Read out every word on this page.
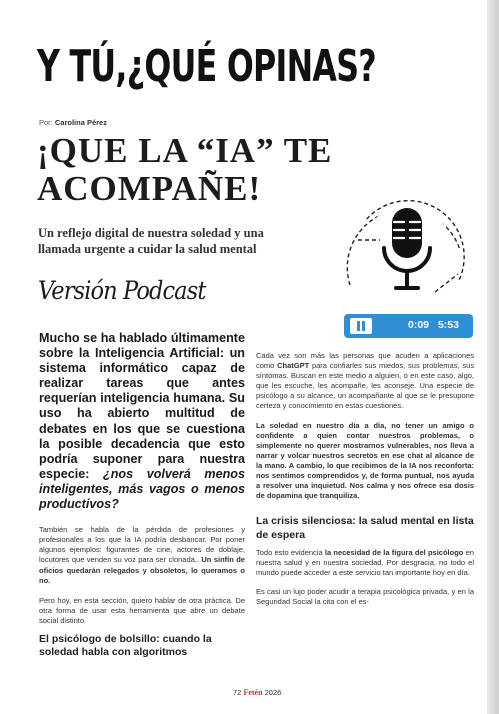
Y TÚ,¿QUÉ OPINAS?
Por: Carolina Pérez
¡QUE LA “IA” TE
ACOMPAÑE!
Un reflejo digital de nuestra soledad y una
llamada urgente a cuidar la salud mental
Versión Podcast
0:09 5:53

Mucho se ha hablado últimamente sobre la Inteligencia Artificial: un sistema informático capaz de realizar tareas que antes requerían inteligencia humana. Su uso ha abierto multitud de debates en los que se cuestiona la posible decadencia que esto podría suponer para nuestra especie: ¿nos volverá menos inteligentes, más vagos o menos productivos?

También se habla de la pérdida de profesiones y profesionales a los que la IA podría desbancar. Por poner algunos ejemplos: figurantes de cine, actores de doblaje, locutores que venden su voz para ser clonada.. Un sinfín de oficios quedarán relegados y obsoletos, lo queramos o no.

Pero hoy, en esta sección, quiero hablar de otra práctica. De otra forma de usar esta herramienta que abre un debate social distinto.

El psicólogo de bolsillo: cuando la soledad habla con algoritmos

Cada vez son más las personas que acuden a aplicaciones como ChatGPT para confiarles sus miedos, sus problemas, sus síntomas. Buscan en este medio a alguien, o en este caso, algo, que les escuche, les acompañe, les aconseje. Una especie de psicólogo a su alcance, un acompañante al que se le presupone certeza y conocimiento en estas cuestiones.

La soledad en nuestro día a día, no tener un amigo o confidente a quien contar nuestros problemas, o simplemente no querer mostrarnos vulnerables, nos lleva a narrar y volcar nuestros secretos en ese chat al alcance de la mano. A cambio, lo que recibimos de la IA nos reconforta: nos sentimos comprendidos y, de forma puntual, nos ayuda a resolver una inquietud. Nos calma y nos ofrece esa dosis de dopamina que tranquiliza.

La crisis silenciosa: la salud mental en lista de espera

Todo esto evidencia la necesidad de la figura del psicólogo en nuestra salud y en nuestra sociedad. Por desgracia, no todo el mundo puede acceder a este servicio tan importante hoy en día.

Es casi un lujo poder acudir a terapia psicológica privada, y en la Seguridad Social la cita con el es-

72 Fetén 2026
